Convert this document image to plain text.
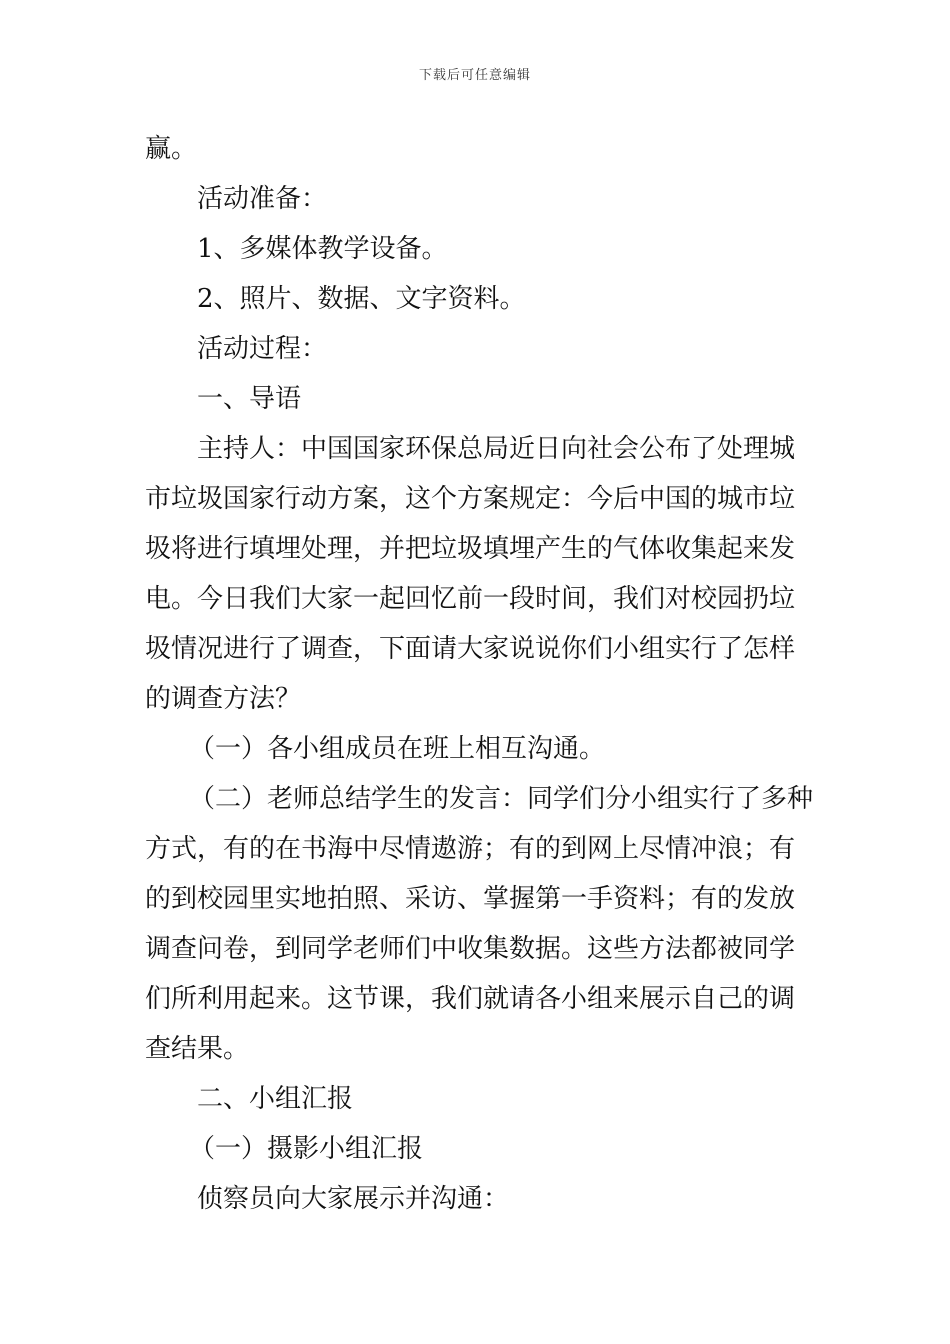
下载后可任意编辑

赢。

活动准备：

1、多媒体教学设备。

2、照片、数据、文字资料。

活动过程：

一、导语

主持人：中国国家环保总局近日向社会公布了处理城市垃圾国家行动方案，这个方案规定：今后中国的城市垃圾将进行填埋处理，并把垃圾填埋产生的气体收集起来发电。今日我们大家一起回忆前一段时间，我们对校园扔垃圾情况进行了调查，下面请大家说说你们小组实行了怎样的调查方法？

（一）各小组成员在班上相互沟通。

（二）老师总结学生的发言：同学们分小组实行了多种方式，有的在书海中尽情遨游；有的到网上尽情冲浪；有的到校园里实地拍照、采访、掌握第一手资料；有的发放调查问卷，到同学老师们中收集数据。这些方法都被同学们所利用起来。这节课，我们就请各小组来展示自己的调查结果。

二、小组汇报

（一）摄影小组汇报

侦察员向大家展示并沟通：
